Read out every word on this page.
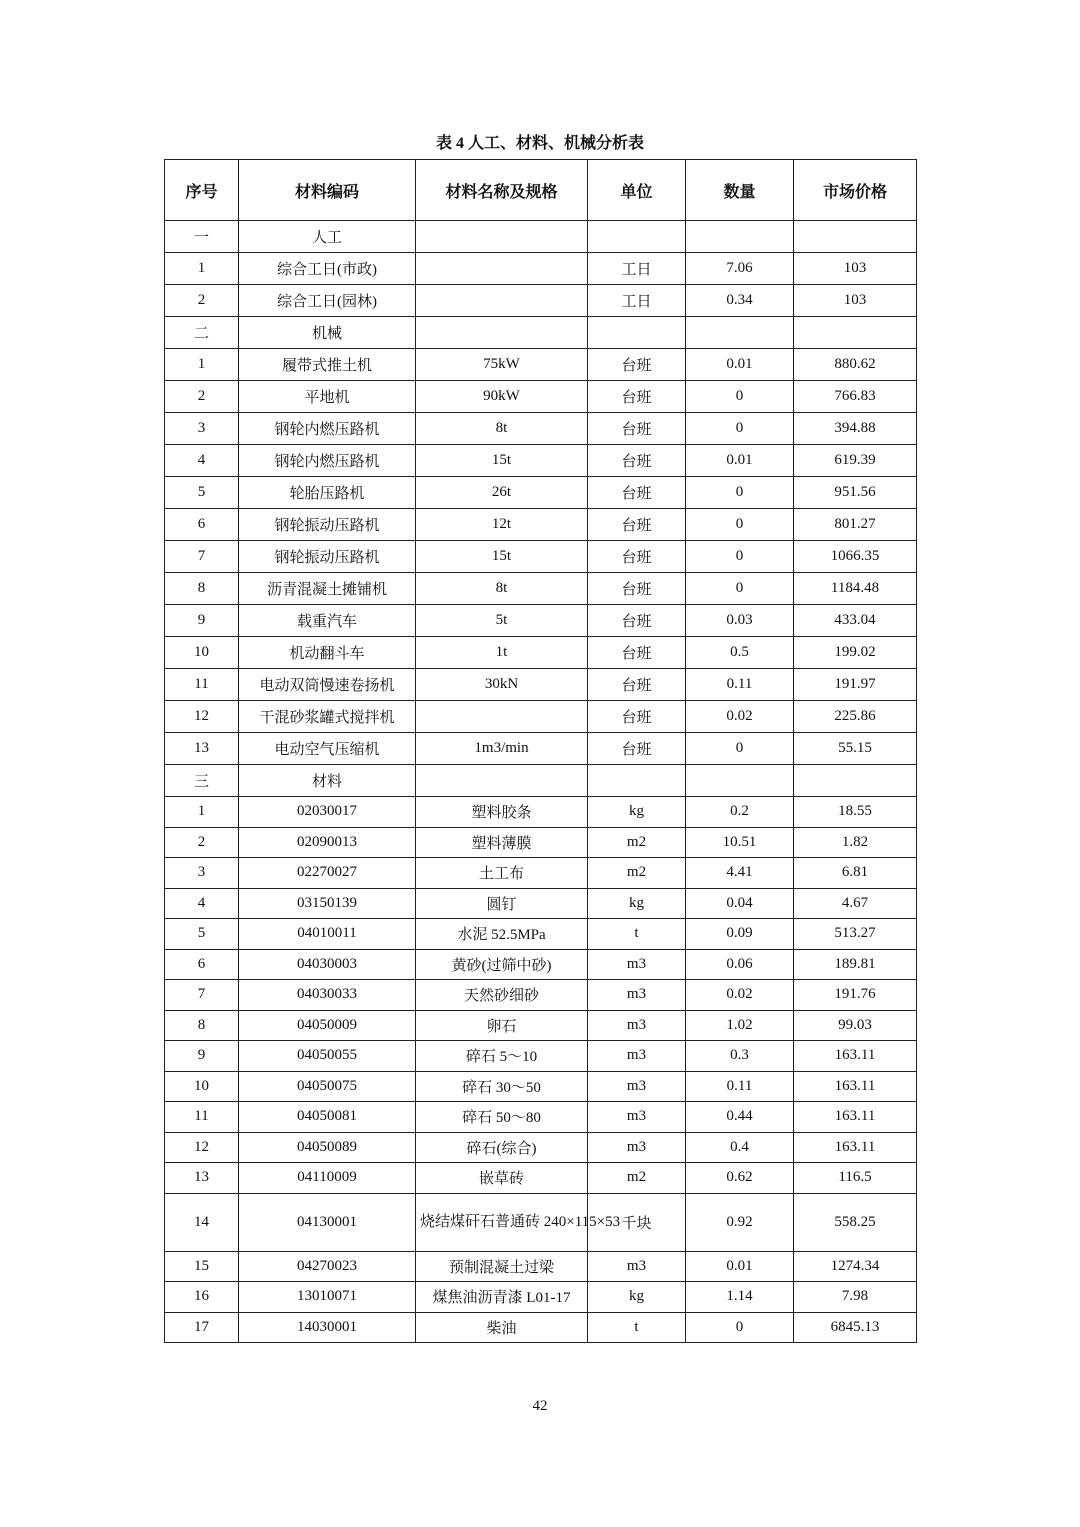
表 4 人工、材料、机械分析表
序号	材料编码	材料名称及规格	单位	数量	市场价格
一	人工				
1	综合工日(市政)		工日	7.06	103
2	综合工日(园林)		工日	0.34	103
二	机械				
1	履带式推土机	75kW	台班	0.01	880.62
2	平地机	90kW	台班	0	766.83
3	钢轮内燃压路机	8t	台班	0	394.88
4	钢轮内燃压路机	15t	台班	0.01	619.39
5	轮胎压路机	26t	台班	0	951.56
6	钢轮振动压路机	12t	台班	0	801.27
7	钢轮振动压路机	15t	台班	0	1066.35
8	沥青混凝土摊铺机	8t	台班	0	1184.48
9	载重汽车	5t	台班	0.03	433.04
10	机动翻斗车	1t	台班	0.5	199.02
11	电动双筒慢速卷扬机	30kN	台班	0.11	191.97
12	干混砂浆罐式搅拌机		台班	0.02	225.86
13	电动空气压缩机	1m3/min	台班	0	55.15
三	材料				
1	02030017	塑料胶条	kg	0.2	18.55
2	02090013	塑料薄膜	m2	10.51	1.82
3	02270027	土工布	m2	4.41	6.81
4	03150139	圆钉	kg	0.04	4.67
5	04010011	水泥 52.5MPa	t	0.09	513.27
6	04030003	黄砂(过筛中砂)	m3	0.06	189.81
7	04030033	天然砂细砂	m3	0.02	191.76
8	04050009	卵石	m3	1.02	99.03
9	04050055	碎石 5～10	m3	0.3	163.11
10	04050075	碎石 30～50	m3	0.11	163.11
11	04050081	碎石 50～80	m3	0.44	163.11
12	04050089	碎石(综合)	m3	0.4	163.11
13	04110009	嵌草砖	m2	0.62	116.5
14	04130001	烧结煤矸石普通砖 240×115×53	千块	0.92	558.25
15	04270023	预制混凝土过梁	m3	0.01	1274.34
16	13010071	煤焦油沥青漆 L01-17	kg	1.14	7.98
17	14030001	柴油	t	0	6845.13
42
